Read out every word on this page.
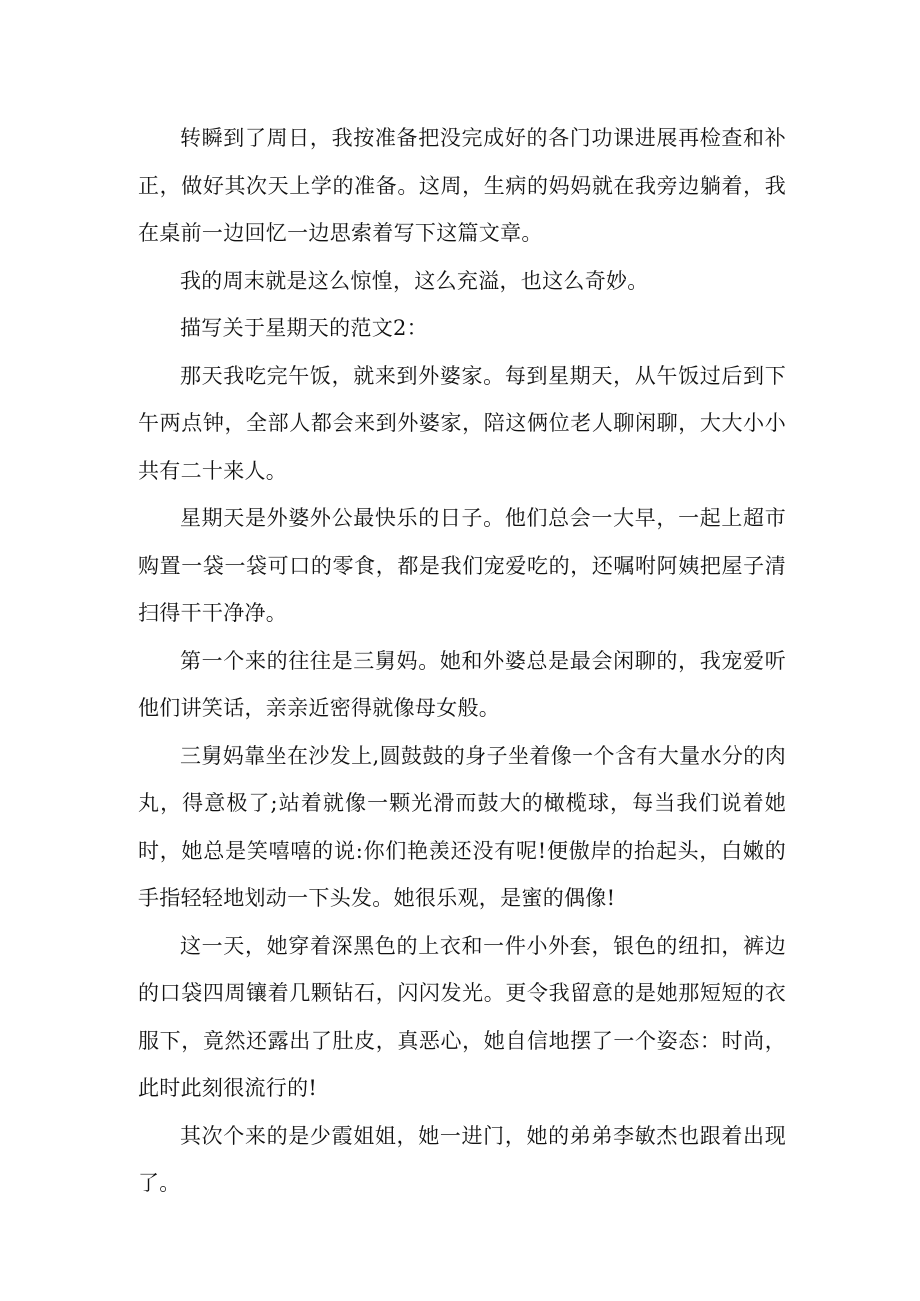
转瞬到了周日，我按准备把没完成好的各门功课进展再检查和补正，做好其次天上学的准备。这周，生病的妈妈就在我旁边躺着，我在桌前一边回忆一边思索着写下这篇文章。

我的周末就是这么惊惶，这么充溢，也这么奇妙。

描写关于星期天的范文2：

那天我吃完午饭，就来到外婆家。每到星期天，从午饭过后到下午两点钟，全部人都会来到外婆家，陪这俩位老人聊闲聊，大大小小共有二十来人。

星期天是外婆外公最快乐的日子。他们总会一大早，一起上超市购置一袋一袋可口的零食，都是我们宠爱吃的，还嘱咐阿姨把屋子清扫得干干净净。

第一个来的往往是三舅妈。她和外婆总是最会闲聊的，我宠爱听他们讲笑话，亲亲近密得就像母女般。

三舅妈靠坐在沙发上,圆鼓鼓的身子坐着像一个含有大量水分的肉丸，得意极了;站着就像一颗光滑而鼓大的橄榄球，每当我们说着她时，她总是笑嘻嘻的说:你们艳羡还没有呢!便傲岸的抬起头，白嫩的手指轻轻地划动一下头发。她很乐观，是蜜的偶像!

这一天，她穿着深黑色的上衣和一件小外套，银色的纽扣，裤边的口袋四周镶着几颗钻石，闪闪发光。更令我留意的是她那短短的衣服下，竟然还露出了肚皮，真恶心，她自信地摆了一个姿态：时尚，此时此刻很流行的!

其次个来的是少霞姐姐，她一进门，她的弟弟李敏杰也跟着出现了。
